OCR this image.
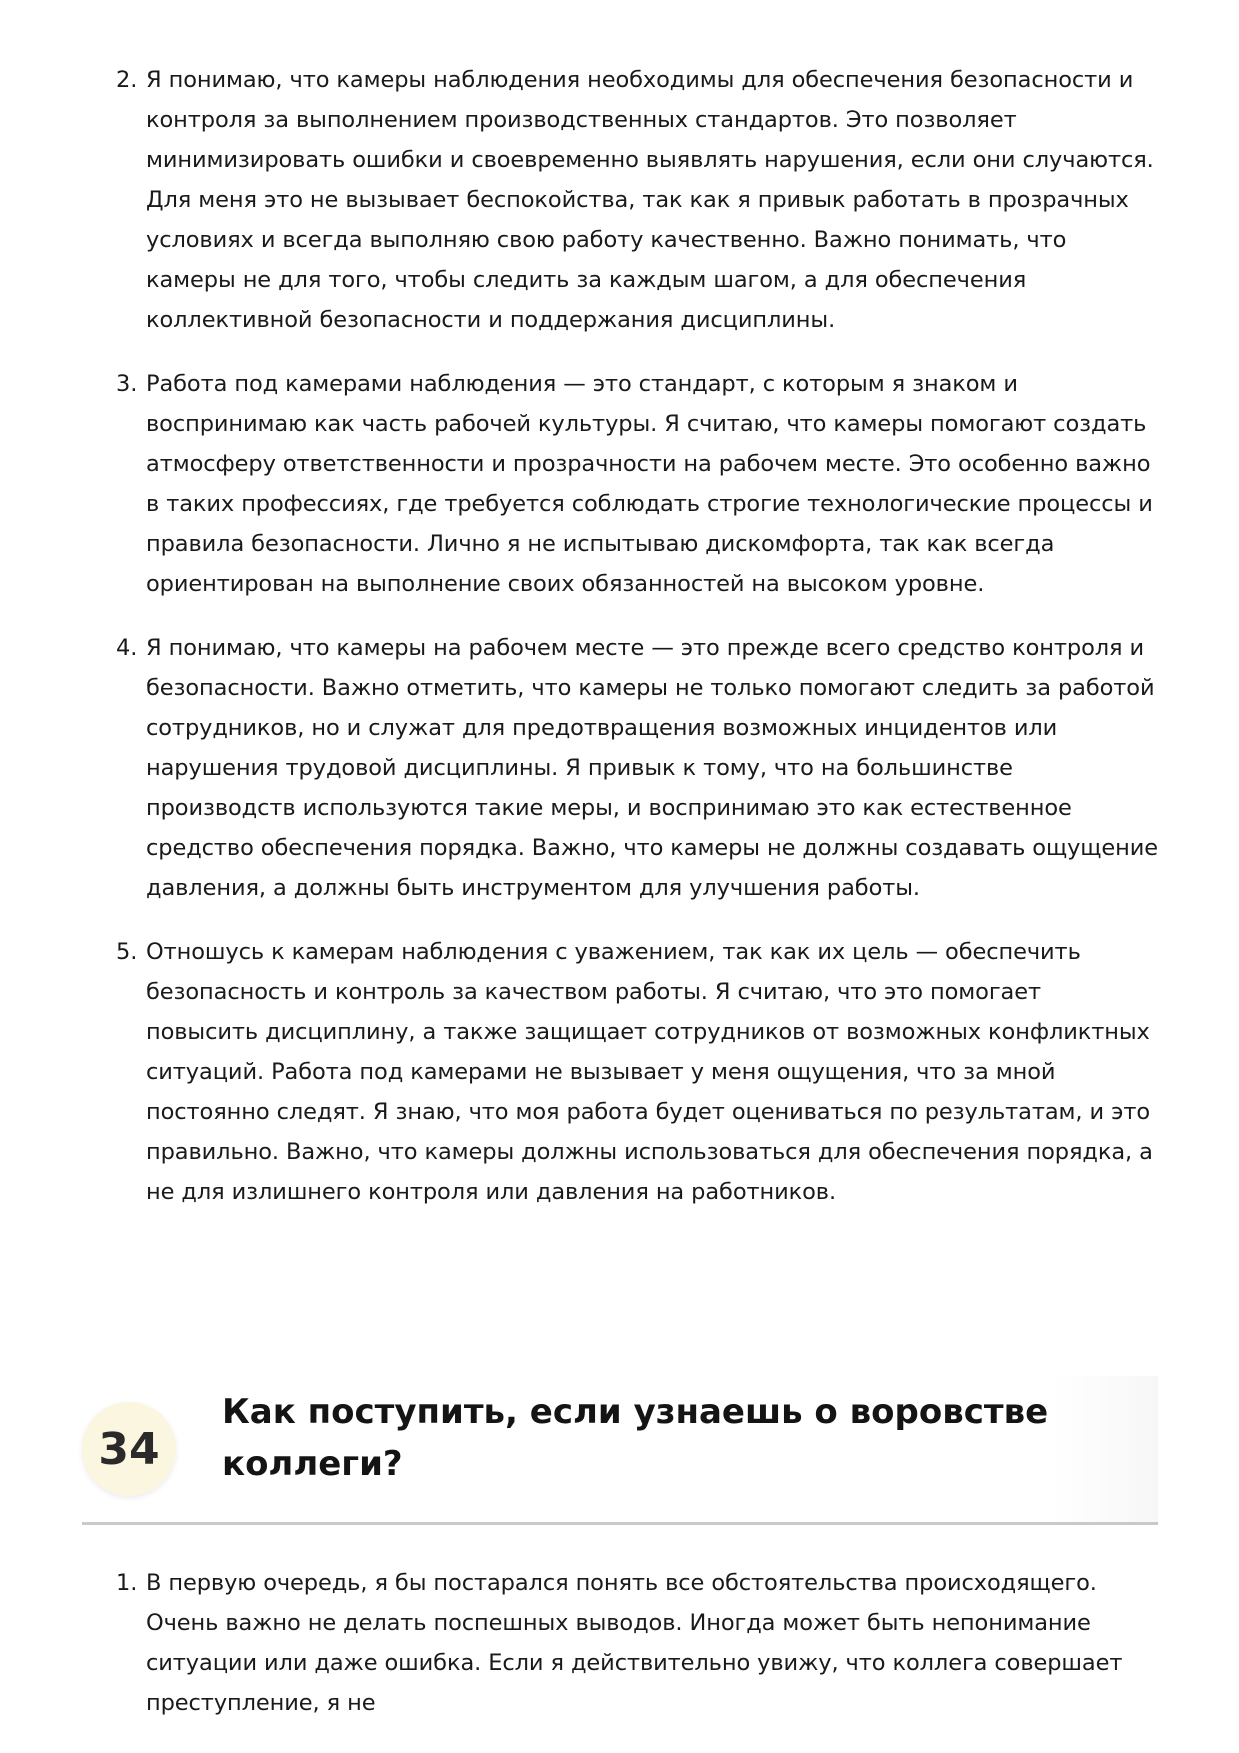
2. Я понимаю, что камеры наблюдения необходимы для обеспечения безопасности и контроля за выполнением производственных стандартов. Это позволяет минимизировать ошибки и своевременно выявлять нарушения, если они случаются. Для меня это не вызывает беспокойства, так как я привык работать в прозрачных условиях и всегда выполняю свою работу качественно. Важно понимать, что камеры не для того, чтобы следить за каждым шагом, а для обеспечения коллективной безопасности и поддержания дисциплины.
3. Работа под камерами наблюдения — это стандарт, с которым я знаком и воспринимаю как часть рабочей культуры. Я считаю, что камеры помогают создать атмосферу ответственности и прозрачности на рабочем месте. Это особенно важно в таких профессиях, где требуется соблюдать строгие технологические процессы и правила безопасности. Лично я не испытываю дискомфорта, так как всегда ориентирован на выполнение своих обязанностей на высоком уровне.
4. Я понимаю, что камеры на рабочем месте — это прежде всего средство контроля и безопасности. Важно отметить, что камеры не только помогают следить за работой сотрудников, но и служат для предотвращения возможных инцидентов или нарушения трудовой дисциплины. Я привык к тому, что на большинстве производств используются такие меры, и воспринимаю это как естественное средство обеспечения порядка. Важно, что камеры не должны создавать ощущение давления, а должны быть инструментом для улучшения работы.
5. Отношусь к камерам наблюдения с уважением, так как их цель — обеспечить безопасность и контроль за качеством работы. Я считаю, что это помогает повысить дисциплину, а также защищает сотрудников от возможных конфликтных ситуаций. Работа под камерами не вызывает у меня ощущения, что за мной постоянно следят. Я знаю, что моя работа будет оцениваться по результатам, и это правильно. Важно, что камеры должны использоваться для обеспечения порядка, а не для излишнего контроля или давления на работников.
34
Как поступить, если узнаешь о воровстве коллеги?
1. В первую очередь, я бы постарался понять все обстоятельства происходящего. Очень важно не делать поспешных выводов. Иногда может быть непонимание ситуации или даже ошибка. Если я действительно увижу, что коллега совершает преступление, я не
